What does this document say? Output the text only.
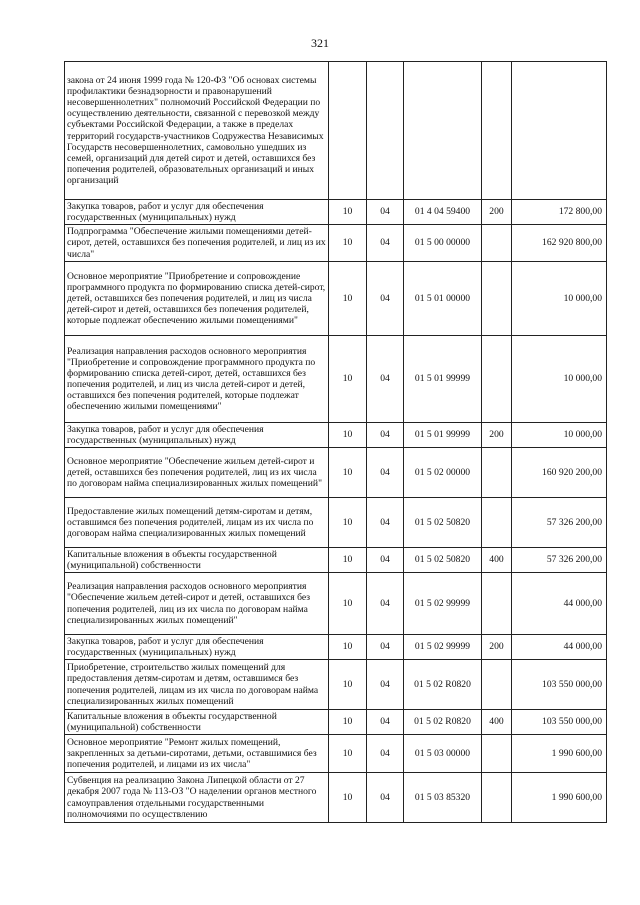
321
закона от 24 июня 1999 года № 120-ФЗ "Об основах системы профилактики безнадзорности и правонарушений несовершеннолетних" полномочий Российской Федерации по осуществлению деятельности, связанной с перевозкой между субъектами Российской Федерации, а также в пределах территорий государств-участников Содружества Независимых Государств несовершеннолетних, самовольно ушедших из семей, организаций для детей сирот и детей, оставшихся без попечения родителей, образовательных организаций и иных организаций					
Закупка товаров, работ и услуг для обеспечения государственных (муниципальных) нужд	10	04	01 4 04 59400	200	172 800,00
Подпрограмма "Обеспечение жилыми помещениями детей-сирот, детей, оставшихся без попечения родителей, и лиц из их числа"	10	04	01 5 00 00000		162 920 800,00
Основное мероприятие "Приобретение и сопровождение программного продукта по формированию списка детей-сирот, детей, оставшихся без попечения родителей, и лиц из числа детей-сирот и детей, оставшихся без попечения родителей, которые подлежат обеспечению жилыми помещениями"	10	04	01 5 01 00000		10 000,00
Реализация направления расходов основного мероприятия "Приобретение и сопровождение программного продукта по формированию списка детей-сирот, детей, оставшихся без попечения родителей, и лиц из числа детей-сирот и детей, оставшихся без попечения родителей, которые подлежат обеспечению жилыми помещениями"	10	04	01 5 01 99999		10 000,00
Закупка товаров, работ и услуг для обеспечения государственных (муниципальных) нужд	10	04	01 5 01 99999	200	10 000,00
Основное мероприятие "Обеспечение жильем детей-сирот и детей, оставшихся без попечения родителей, лиц из их числа по договорам найма специализированных жилых помещений"	10	04	01 5 02 00000		160 920 200,00
Предоставление жилых помещений детям-сиротам и детям, оставшимся без попечения родителей, лицам из их числа по договорам найма специализированных жилых помещений	10	04	01 5 02 50820		57 326 200,00
Капитальные вложения в объекты государственной (муниципальной) собственности	10	04	01 5 02 50820	400	57 326 200,00
Реализация направления расходов основного мероприятия "Обеспечение жильем детей-сирот и детей, оставшихся без попечения родителей, лиц из их числа по договорам найма специализированных жилых помещений"	10	04	01 5 02 99999		44 000,00
Закупка товаров, работ и услуг для обеспечения государственных (муниципальных) нужд	10	04	01 5 02 99999	200	44 000,00
Приобретение, строительство жилых помещений для предоставления детям-сиротам и детям, оставшимся без попечения родителей, лицам из их числа по договорам найма специализированных жилых помещений	10	04	01 5 02 R0820		103 550 000,00
Капитальные вложения в объекты государственной (муниципальной) собственности	10	04	01 5 02 R0820	400	103 550 000,00
Основное мероприятие "Ремонт жилых помещений, закрепленных за детьми-сиротами, детьми, оставшимися без попечения родителей, и лицами из их числа"	10	04	01 5 03 00000		1 990 600,00
Субвенция на реализацию Закона Липецкой области от 27 декабря 2007 года № 113-ОЗ "О наделении органов местного самоуправления отдельными государственными полномочиями по осуществлению	10	04	01 5 03 85320		1 990 600,00
